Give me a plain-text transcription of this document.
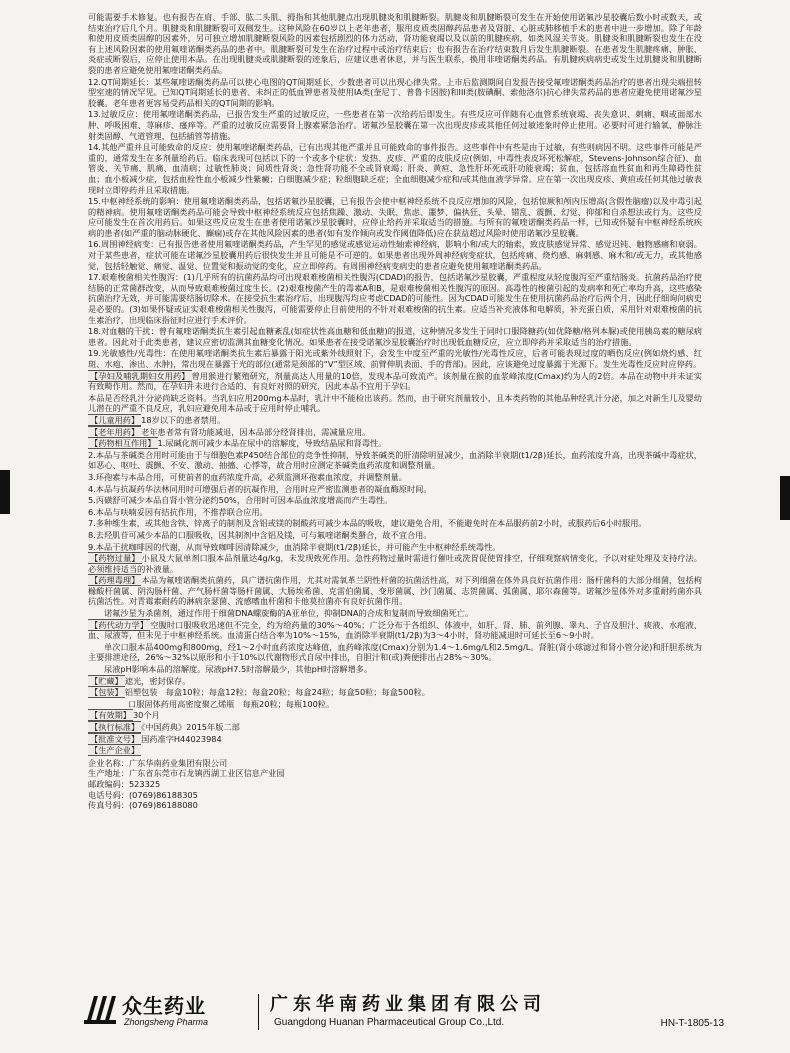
可能需要手术修复。也有报告在肩、手部、肱二头肌、拇指和其他肌腱点出现肌腱炎和肌腱断裂。肌腱炎和肌腱断裂可发生在开始使用诺氟沙星胶囊后数小时或数天，或结束治疗后几个月。肌腱炎和肌腱断裂可双侧发生。这种风险在60岁以上老年患者，服用皮质类固醇药品患者及肾脏、心脏或肺移植手术的患者中进一步增加。除了年龄和使用皮质类固醇的因素外，另可独立增加肌腱断裂风险的因素包括剧烈的体力活动，肾功能衰竭以及以前的肌腱疾病，如类风湿关节炎。肌腱炎和肌腱断裂也发生在没有上述风险因素的使用氟喹诺酮类药品的患者中。肌腱断裂可发生在治疗过程中或治疗结束后；也有报告在治疗结束数月后发生肌腱断裂。在患者发生肌腱疼痛、肿胀、炎症或断裂后，应停止使用本品。在出现肌腱炎或肌腱断裂的迹象后，应建议患者休息，并与医生联系，换用非喹诺酮类药品。有肌腱疾病病史或发生过肌腱炎和肌腱断裂的患者应避免使用氟喹诺酮类药品。

12.QT间期延长：某些氟喹诺酮类药品可以使心电图的QT间期延长，少数患者可以出现心律失常。上市后监测期间自发报告接受氟喹诺酮类药品治疗的患者出现尖端扭转型室速的情况罕见。已知QT间期延长的患者、未纠正的低血钾患者及使用IA类(奎尼丁、普鲁卡因胺)和III类(胺碘酮、索他洛尔)抗心律失常药品的患者应避免使用诺氟沙星胶囊。老年患者更容易受药品相关的QT间期的影响。

13.过敏反应：使用氟喹诺酮类药品，已报告发生严重的过敏反应，一些患者在第一次给药后即发生。有些反应可伴随有心血管系统衰竭、丧失意识、刺痛、咽或面部水肿、呼吸困难、荨麻疹、瘙痒等。严重的过敏反应需要肾上腺素紧急治疗。诺氟沙星胶囊在第一次出现皮疹或其他任何过敏迹象时停止使用。必要时可进行输氧、静脉注射类固醇、气道管理，包括插管等措施。

14.其他严重并且可能致命的反应：使用氟喹诺酮类药品，已有出现其他严重并且可能致命的事件报告。这些事件中有些是由于过敏，有些则病因不明。这些事件可能是严重的，通常发生在多剂量给药后。临床表现可包括以下的一个或多个症状：发热、皮疹、严重的皮肤反应(例如，中毒性表皮坏死松解症，Stevens-Johnson综合征)、血管炎、关节痛、肌痛、血清病；过敏性肺炎；间质性肾炎；急性肾功能不全或肾衰竭；肝炎、黄疸、急性肝坏死或肝功能衰竭；贫血，包括溶血性贫血和再生障碍性贫血；血小板减少症，包括血栓性血小板减少性紫癜；白细胞减少症；粒细胞缺乏症；全血细胞减少症和/或其他血液学异常。应在第一次出现皮疹、黄疸或任何其他过敏表现时立即停药并且采取措施。

15.中枢神经系统的影响：使用氟喹诺酮类药品，包括诺氟沙星胶囊，已有报告会使中枢神经系统不良反应增加的风险，包括惊厥和颅内压增高(含假性脑瘤)以及中毒引起的精神病。使用氟喹诺酮类药品可能会导致中枢神经系统反应包括焦躁、激动、失眠、焦虑、噩梦、偏执狂、头晕、错乱、震颤、幻觉、抑郁和自杀想法或行为。这些反应可能发生在首次用药后。如果这些反应发生在患者使用诺氟沙星胶囊时，应停止给药并采取适当的措施。与所有的氟喹诺酮类药品一样，已知或怀疑有中枢神经系统疾病的患者(如严重的脑动脉硬化、癫痫)或存在其他风险因素的患者(如有发作倾向或发作阈值降低)应在获益超过风险时使用诺氟沙星胶囊。

16.周围神经病变：已有报告患者使用氟喹诺酮类药品，产生罕见的感觉或感觉运动性轴索神经病，影响小和/或大的轴索，致皮肤感觉异常、感觉迟钝、触物感痛和衰弱。对于某些患者，症状可能在诺氟沙星胶囊用药后很快发生并且可能是不可逆的。如果患者出现外周神经病变症状，包括疼痛、烧灼感、麻刺感、麻木和/或无力，或其他感觉，包括轻触觉、痛觉、温觉、位置觉和振动觉的变化，应立即停药。有周围神经病变病史的患者应避免使用氟喹诺酮类药品。

17.艰难梭菌相关性腹泻：(1)几乎所有的抗菌药品均可出现艰难梭菌相关性腹泻(CDAD)的报告，包括诺氟沙星胶囊，严重程度从轻度腹泻至严重结肠炎。抗菌药品治疗使结肠的正常菌群改变，从而导致艰难梭菌过度生长。(2)艰难梭菌产生的毒素A和B，是艰难梭菌相关性腹泻的原因。高毒性的梭菌引起的发病率和死亡率均升高，这些感染抗菌治疗无效，并可能需要结肠切除术。在接受抗生素治疗后，出现腹泻均应考虑CDAD的可能性。因为CDAD可能发生在使用抗菌药品治疗后两个月，因此仔细询问病史是必要的。(3)如果怀疑或证实艰难梭菌相关性腹泻，可能需要停止目前使用的不针对艰难梭菌的抗生素。应适当补充液体和电解质，补充蛋白质，采用针对艰难梭菌的抗生素治疗，出现临床指征时应进行手术评价。

18.对血糖的干扰：曾有氟喹诺酮类抗生素引起血糖紊乱(如症状性高血糖和低血糖)的报道，这种情况多发生于同时口服降糖药(如优降糖/格列本脲)或使用胰岛素的糖尿病患者。因此对于此类患者，建议应密切监测其血糖变化情况。如果患者在接受诺氟沙星胶囊治疗时出现低血糖反应，应立即停药并采取适当的治疗措施。

19.光敏感性/光毒性：在使用氟喹诺酮类抗生素后暴露于阳光或紫外线照射下，会发生中度至严重的光敏性/光毒性反应，后者可能表现过度的晒伤反应(例如烧灼感、红斑、水疱、渗出、水肿)，常出现在暴露于光的部位(通常是颈部的“V”型区域、前臂伸肌表面、手的背部)。因此，应该避免过度暴露于光源下。发生光毒性反应时应停药。

【孕妇及哺乳期妇女用药】 曾用猴进行繁殖研究，剂量高达人用量的10倍，发现本品可致流产。该剂量在猴的血浆峰浓度(Cmax)约为人的2倍。本品在动物中并未证实有致畸作用。然而，在孕妇并未进行合适的、有良好对照的研究，因此本品不宜用于孕妇。

本品是否经乳汁分泌尚缺乏资料。当乳妇应用200mg本品时，乳汁中不能检出该药。然而，由于研究剂量较小，且本类药物的其他品种经乳汁分泌，加之对新生儿及婴幼儿潜在的严重不良反应，乳妇应避免用本品或于应用时停止哺乳。

【儿童用药】 18岁以下的患者禁用。

【老年用药】 老年患者常有肾功能减退，因本品部分经肾排出，需减量应用。

【药物相互作用】 1.尿碱化剂可减少本品在尿中的溶解度，导致结晶尿和肾毒性。

2.本品与茶碱类合用时可能由于与细胞色素P450结合部位的竞争性抑制，导致茶碱类的肝清除明显减少，血消除半衰期(t1/2β)延长，血药浓度升高，出现茶碱中毒症状，如恶心、呕吐、震颤、不安、激动、抽搐、心悸等，故合用时应测定茶碱类血药浓度和调整剂量。

3.环孢素与本品合用，可使前者的血药浓度升高，必须监测环孢素血浓度，并调整剂量。

4.本品与抗凝药华法林同用时可增强后者的抗凝作用，合用时应严密监测患者的凝血酶原时间。

5.丙磺舒可减少本品自肾小管分泌约50%，合用时可因本品血浓度增高而产生毒性。

6.本品与呋喃妥因有拮抗作用，不推荐联合应用。

7.多种维生素，或其他含铁、锌离子的制剂及含铝或镁的制酸药可减少本品的吸收，建议避免合用，不能避免时在本品服药前2小时，或服药后6小时服用。

8.去羟肌苷可减少本品的口服吸收，因其制剂中含铝及镁，可与氟喹诺酮类螯合，故不宜合用。

9.本品干扰咖啡因的代谢，从而导致咖啡因清除减少，血消除半衰期(t1/2β)延长，并可能产生中枢神经系统毒性。

【药物过量】 小鼠及大鼠单剂口服本品剂量达4g/kg，未发现致死作用。急性药物过量时需进行催吐或洗胃促使胃排空，仔细观察病情变化，予以对症处理及支持疗法。必须维持适当的补液量。

【药理毒理】 本品为氟喹诺酮类抗菌药，具广谱抗菌作用，尤其对需氧革兰阴性杆菌的抗菌活性高，对下列细菌在体外具良好抗菌作用：肠杆菌科的大部分细菌，包括枸橼酸杆菌属、阴沟肠杆菌、产气肠杆菌等肠杆菌属、大肠埃希菌、克雷伯菌属、变形菌属、沙门菌属、志贺菌属、弧菌属、耶尔森菌等。诺氟沙星体外对多重耐药菌亦具抗菌活性。对青霉素耐药的淋病奈瑟菌、流感嗜血杆菌和卡他莫拉菌亦有良好抗菌作用。

诺氟沙星为杀菌剂，通过作用于细菌DNA螺旋酶的A亚单位，抑制DNA的合成和复制而导致细菌死亡。

【药代动力学】 空腹时口服吸收迅速但不完全，约为给药量的30%～40%；广泛分布于各组织、体液中，如肝、肾、肺、前列腺、睾丸、子宫及胆汁、痰液、水疱液、血、尿液等，但未见于中枢神经系统。血清蛋白结合率为10%～15%，血消除半衰期(t1/2β)为3～4小时，肾功能减退时可延长至6～9小时。

单次口服本品400mg和800mg，经1～2小时血药浓度达峰值，血药峰浓度(Cmax)分别为1.4～1.6mg/L和2.5mg/L。肾脏(肾小球滤过和肾小管分泌)和肝胆系统为主要排泄途径，26%～32%以原形和小于10%以代谢物形式自尿中排出，自胆汁和(或)粪便排出占28%～30%。

尿液pH影响本品的溶解度。尿液pH7.5时溶解最少，其他pH时溶解增多。

【贮藏】 遮光，密封保存。

【包装】 铝塑包装　每盒10粒；每盒12粒；每盒20粒；每盒24粒；每盒50粒；每盒500粒。

口服固体药用高密度聚乙烯瓶　每瓶20粒；每瓶100粒。

【有效期】 30个月

【执行标准】 《中国药典》2015年版二部

【批准文号】 国药准字H44023984

【生产企业】

企业名称：广东华南药业集团有限公司
生产地址：广东省东莞市石龙镇西湖工业区信息产业园
邮政编码：523325
电话号码：(0769)86188305
传真号码：(0769)86188080
众生药业
Zhongsheng Pharma
广东华南药业集团有限公司
Guangdong Huanan Pharmaceutical Group Co.,Ltd.	HN-T-1805-13
